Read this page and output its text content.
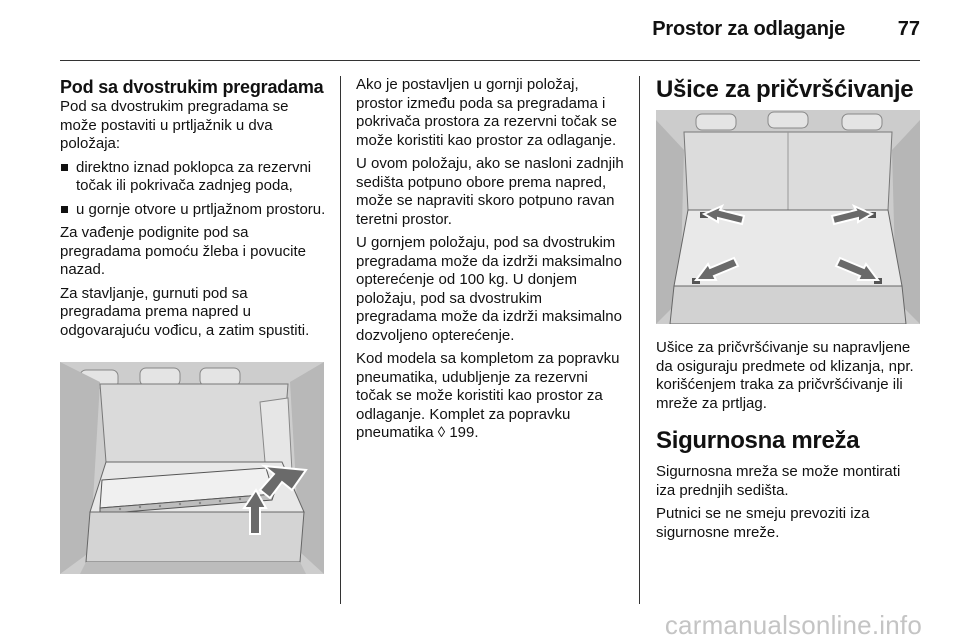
Prostor za odlaganje	77
Pod sa dvostrukim pregradama

Pod sa dvostrukim pregradama se može postaviti u prtljažnik u dva položaja:

direktno iznad poklopca za rezervni točak ili pokrivača zadnjeg poda,
u gornje otvore u prtljažnom prostoru.

Za vađenje podignite pod sa pregradama pomoću žleba i povucite nazad.

Za stavljanje, gurnuti pod sa pregradama prema napred u odgovarajuću vođicu, a zatim spustiti.

Ako je postavljen u gornji položaj, prostor između poda sa pregradama i pokrivača prostora za rezervni točak se može koristiti kao prostor za odlaganje.

U ovom položaju, ako se nasloni zadnjih sedišta potpuno obore prema napred, može se napraviti skoro potpuno ravan teretni prostor.

U gornjem položaju, pod sa dvostrukim pregradama može da izdrži maksimalno opterećenje od 100 kg. U donjem položaju, pod sa dvostrukim pregradama može da izdrži maksimalno dozvoljeno opterećenje.

Kod modela sa kompletom za popravku pneumatika, udubljenje za rezervni točak se može koristiti kao prostor za odlaganje. Komplet za popravku pneumatika ◊ 199.

Ušice za pričvršćivanje

Ušice za pričvršćivanje su napravljene da osiguraju predmete od klizanja, npr. korišćenjem traka za pričvršćivanje ili mreže za prtljag.

Sigurnosna mreža

Sigurnosna mreža se može montirati iza prednjih sedišta.

Putnici se ne smeju prevoziti iza sigurnosne mreže.

carmanualsonline.info
